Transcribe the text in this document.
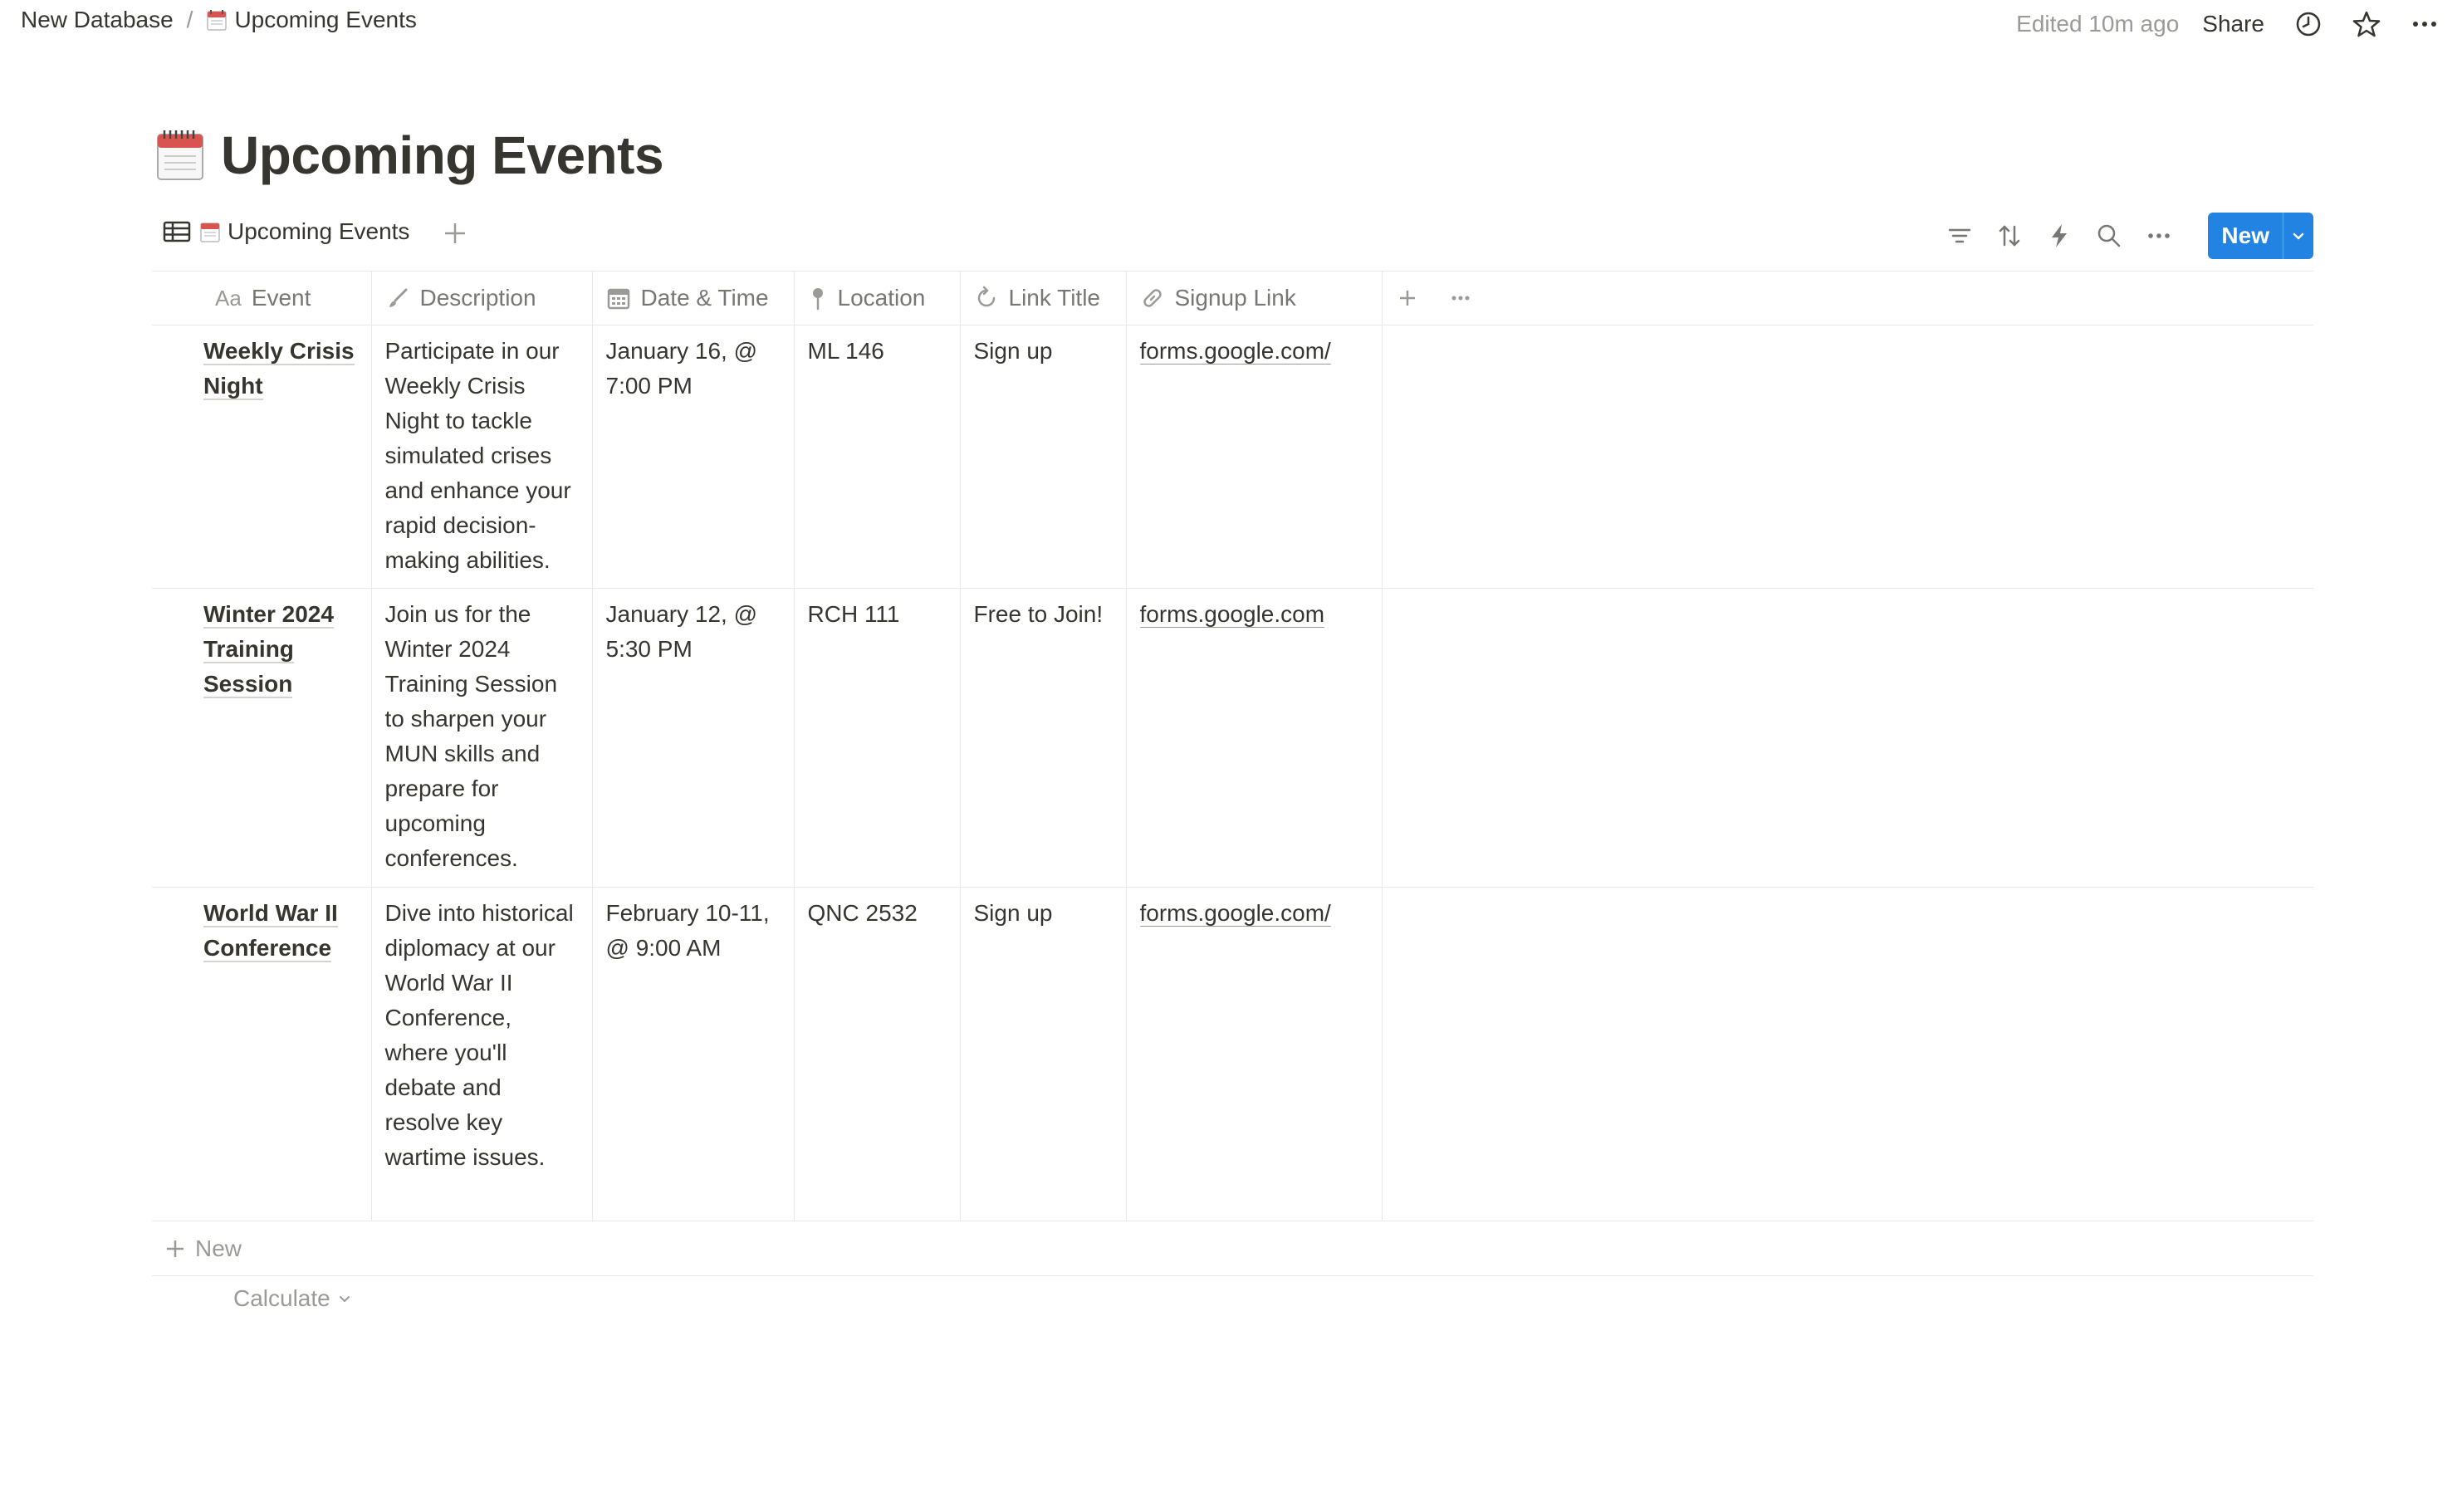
New Database / Upcoming Events	Edited 10m ago Share
Upcoming Events
Upcoming Events	New
Aa Event	Description	Date & Time	Location	Link Title	Signup Link

Weekly Crisis Night	Participate in our Weekly Crisis Night to tackle simulated crises and enhance your rapid decision-making abilities.	January 16, @ 7:00 PM	ML 146	Sign up	forms.google.com/	
Winter 2024 Training Session	Join us for the Winter 2024 Training Session to sharpen your MUN skills and prepare for upcoming conferences.	January 12, @ 5:30 PM	RCH 111	Free to Join!	forms.google.com	
World War II Conference	Dive into historical diplomacy at our World War II Conference, where you'll debate and resolve key wartime issues.	February 10-11, @ 9:00 AM	QNC 2532	Sign up	forms.google.com/	
New
Calculate
